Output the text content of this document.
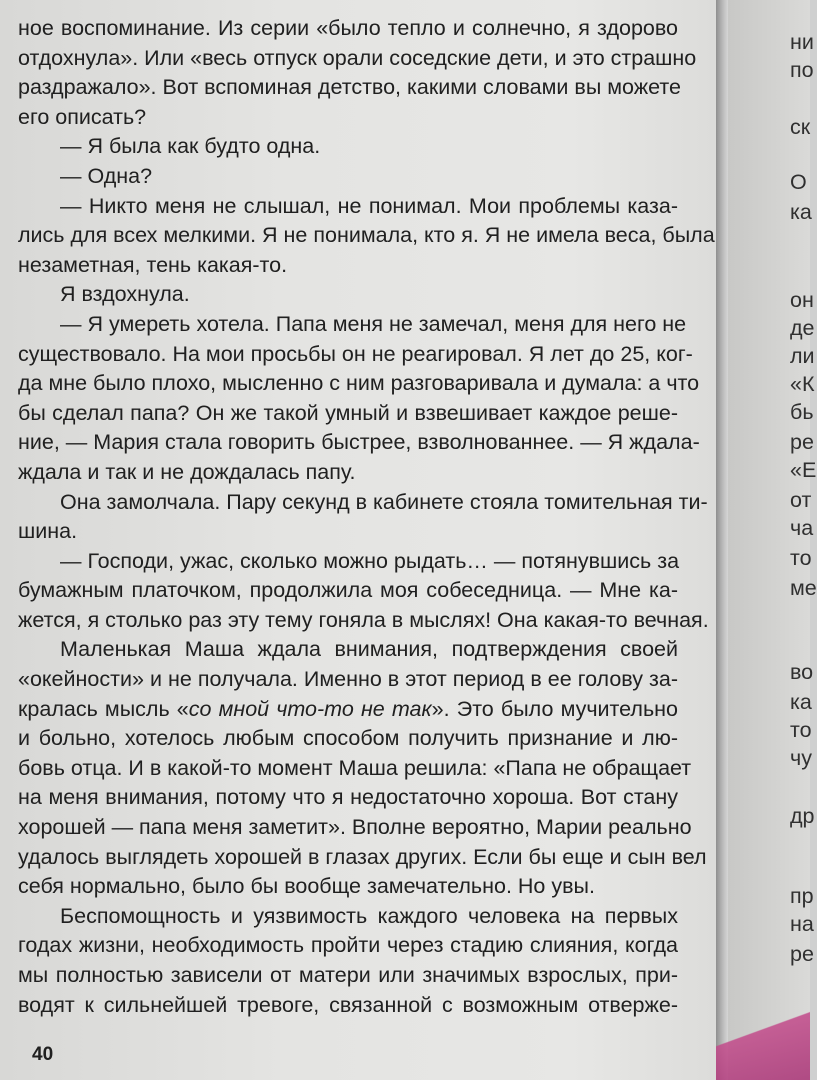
ное воспоминание. Из серии «было тепло и солнечно, я здорово
отдохнула». Или «весь отпуск орали соседские дети, и это страшно
раздражало». Вот вспоминая детство, какими словами вы можете
его описать?
— Я была как будто одна.
— Одна?
— Никто меня не слышал, не понимал. Мои проблемы каза-
лись для всех мелкими. Я не понимала, кто я. Я не имела веса, была
незаметная, тень какая-то.
Я вздохнула.
— Я умереть хотела. Папа меня не замечал, меня для него не
существовало. На мои просьбы он не реагировал. Я лет до 25, ког-
да мне было плохо, мысленно с ним разговаривала и думала: а что
бы сделал папа? Он же такой умный и взвешивает каждое реше-
ние, — Мария стала говорить быстрее, взволнованнее. — Я ждала-
ждала и так и не дождалась папу.
Она замолчала. Пару секунд в кабинете стояла томительная ти-
шина.
— Господи, ужас, сколько можно рыдать… — потянувшись за
бумажным платочком, продолжила моя собеседница. — Мне ка-
жется, я столько раз эту тему гоняла в мыслях! Она какая-то вечная.
Маленькая Маша ждала внимания, подтверждения своей
«окейности» и не получала. Именно в этот период в ее голову за-
кралась мысль «со мной что-то не так». Это было мучительно
и больно, хотелось любым способом получить признание и лю-
бовь отца. И в какой-то момент Маша решила: «Папа не обращает
на меня внимания, потому что я недостаточно хороша. Вот стану
хорошей — папа меня заметит». Вполне вероятно, Марии реально
удалось выглядеть хорошей в глазах других. Если бы еще и сын вел
себя нормально, было бы вообще замечательно. Но увы.
Беспомощность и уязвимость каждого человека на первых
годах жизни, необходимость пройти через стадию слияния, когда
мы полностью зависели от матери или значимых взрослых, при-
водят к сильнейшей тревоге, связанной с возможным отверже-
40
ни
по
ск
О
ка
он
де
ли
«К
бь
ре
«Е
от
ча
то
ме
во
ка
то
чу
др
пр
на
ре
